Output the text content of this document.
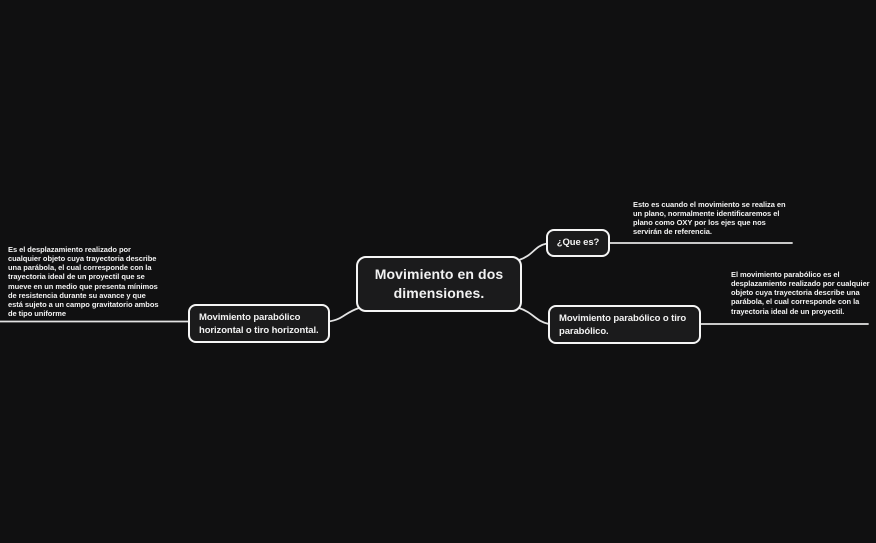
Movimiento en dos
dimensiones.
¿Que es?
Movimiento parabólico o tiro
parabólico.
Movimiento parabólico
horizontal o tiro horizontal.
Es el desplazamiento realizado por
cualquier objeto cuya trayectoria describe
una parábola, el cual corresponde con la
trayectoria ideal de un proyectil que se
mueve en un medio que presenta mínimos
de resistencia durante su avance y que
está sujeto a un campo gravitatorio ambos
de tipo uniforme
Esto es cuando el movimiento se realiza en
un plano, normalmente identificaremos el
plano como OXY por los ejes que nos
servirán de referencia.
El movimiento parabólico es el
desplazamiento realizado por cualquier
objeto cuya trayectoria describe una
parábola, el cual corresponde con la
trayectoria ideal de un proyectil.
